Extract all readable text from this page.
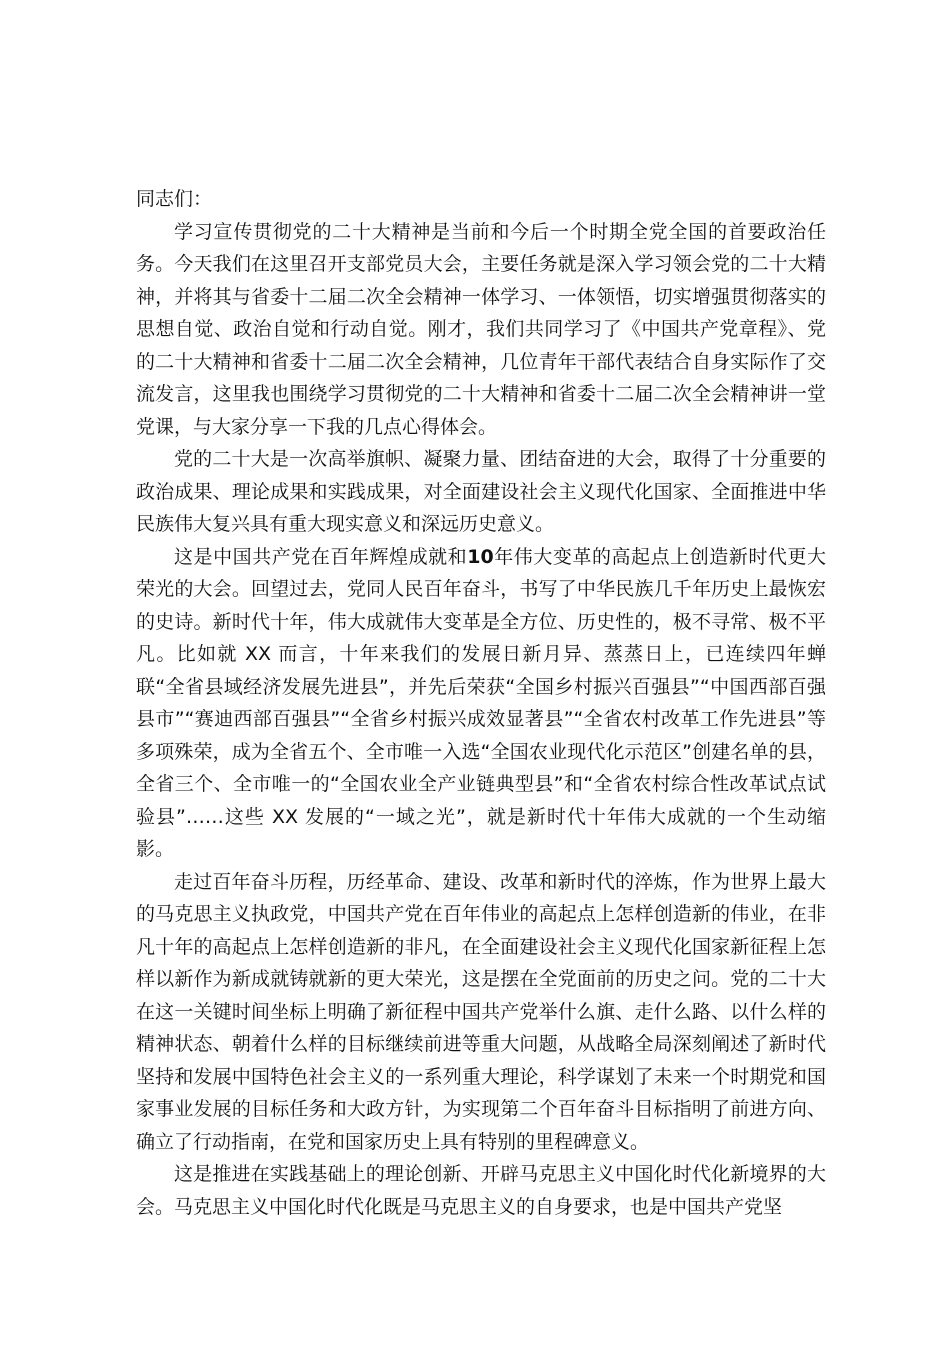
同志们：

学习宣传贯彻党的二十大精神是当前和今后一个时期全党全国的首要政治任务。今天我们在这里召开支部党员大会，主要任务就是深入学习领会党的二十大精神，并将其与省委十二届二次全会精神一体学习、一体领悟，切实增强贯彻落实的思想自觉、政治自觉和行动自觉。刚才，我们共同学习了《中国共产党章程》、党的二十大精神和省委十二届二次全会精神，几位青年干部代表结合自身实际作了交流发言，这里我也围绕学习贯彻党的二十大精神和省委十二届二次全会精神讲一堂党课，与大家分享一下我的几点心得体会。

党的二十大是一次高举旗帜、凝聚力量、团结奋进的大会，取得了十分重要的政治成果、理论成果和实践成果，对全面建设社会主义现代化国家、全面推进中华民族伟大复兴具有重大现实意义和深远历史意义。

这是中国共产党在百年辉煌成就和10年伟大变革的高起点上创造新时代更大荣光的大会。回望过去，党同人民百年奋斗，书写了中华民族几千年历史上最恢宏的史诗。新时代十年，伟大成就伟大变革是全方位、历史性的，极不寻常、极不平凡。比如就 XX 而言，十年来我们的发展日新月异、蒸蒸日上，已连续四年蝉联“全省县域经济发展先进县”，并先后荣获“全国乡村振兴百强县”“中国西部百强县市”“赛迪西部百强县”“全省乡村振兴成效显著县”“全省农村改革工作先进县”等多项殊荣，成为全省五个、全市唯一入选“全国农业现代化示范区”创建名单的县，全省三个、全市唯一的“全国农业全产业链典型县”和“全省农村综合性改革试点试验县”……这些 XX 发展的“一域之光”，就是新时代十年伟大成就的一个生动缩影。

走过百年奋斗历程，历经革命、建设、改革和新时代的淬炼，作为世界上最大的马克思主义执政党，中国共产党在百年伟业的高起点上怎样创造新的伟业，在非凡十年的高起点上怎样创造新的非凡，在全面建设社会主义现代化国家新征程上怎样以新作为新成就铸就新的更大荣光，这是摆在全党面前的历史之问。党的二十大在这一关键时间坐标上明确了新征程中国共产党举什么旗、走什么路、以什么样的精神状态、朝着什么样的目标继续前进等重大问题，从战略全局深刻阐述了新时代坚持和发展中国特色社会主义的一系列重大理论，科学谋划了未来一个时期党和国家事业发展的目标任务和大政方针，为实现第二个百年奋斗目标指明了前进方向、确立了行动指南，在党和国家历史上具有特别的里程碑意义。

这是推进在实践基础上的理论创新、开辟马克思主义中国化时代化新境界的大会。马克思主义中国化时代化既是马克思主义的自身要求，也是中国共产党坚
